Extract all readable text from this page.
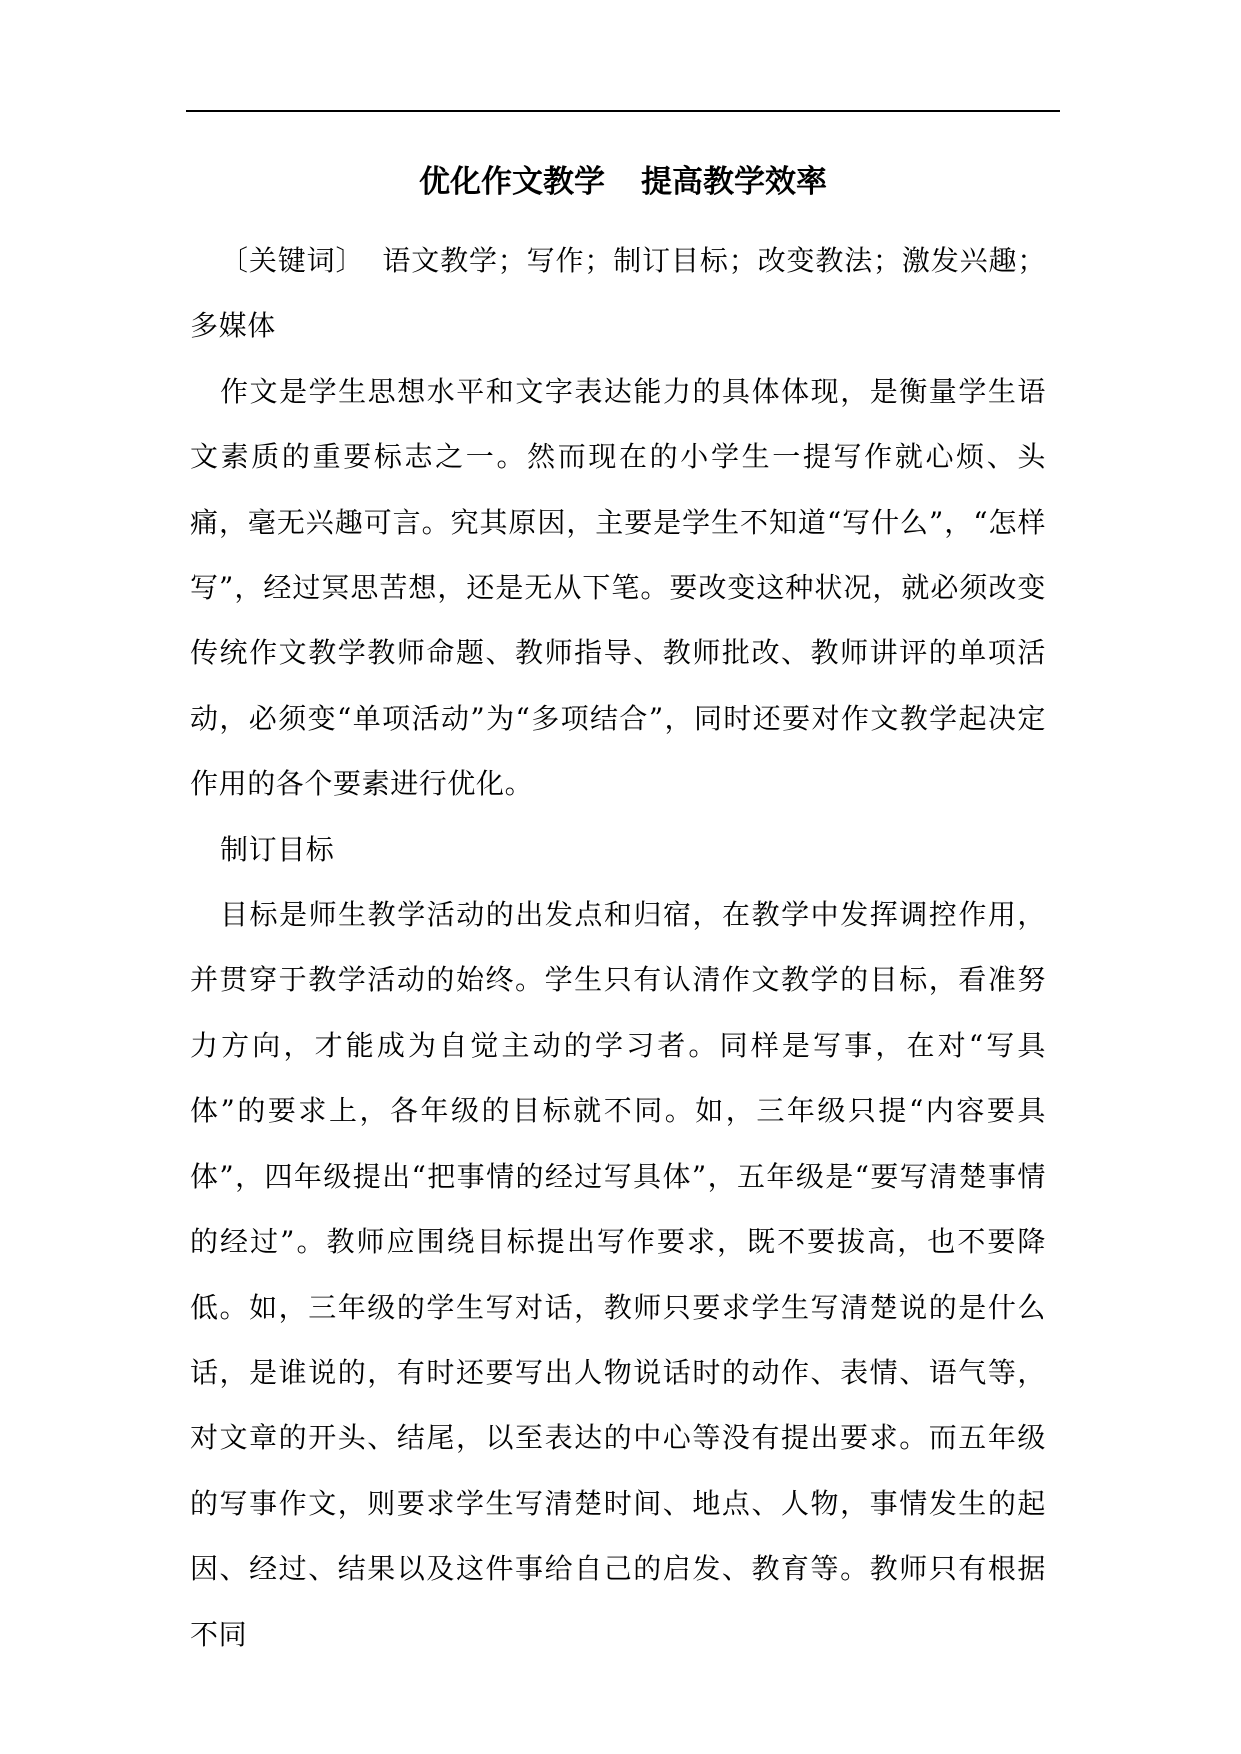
优化作文教学 提高教学效率

〔关键词〕 语文教学；写作；制订目标；改变教法；激发兴趣；多媒体

作文是学生思想水平和文字表达能力的具体体现，是衡量学生语文素质的重要标志之一。然而现在的小学生一提写作就心烦、头痛，毫无兴趣可言。究其原因，主要是学生不知道“写什么”，“怎样写”，经过冥思苦想，还是无从下笔。要改变这种状况，就必须改变传统作文教学教师命题、教师指导、教师批改、教师讲评的单项活动，必须变“单项活动”为“多项结合”，同时还要对作文教学起决定作用的各个要素进行优化。

制订目标

目标是师生教学活动的出发点和归宿，在教学中发挥调控作用，并贯穿于教学活动的始终。学生只有认清作文教学的目标，看准努力方向，才能成为自觉主动的学习者。同样是写事，在对“写具体”的要求上，各年级的目标就不同。如，三年级只提“内容要具体”，四年级提出“把事情的经过写具体”，五年级是“要写清楚事情的经过”。教师应围绕目标提出写作要求，既不要拔高，也不要降低。如，三年级的学生写对话，教师只要求学生写清楚说的是什么话，是谁说的，有时还要写出人物说话时的动作、表情、语气等，对文章的开头、结尾，以至表达的中心等没有提出要求。而五年级的写事作文，则要求学生写清楚时间、地点、人物，事情发生的起因、经过、结果以及这件事给自己的启发、教育等。教师只有根据不同
